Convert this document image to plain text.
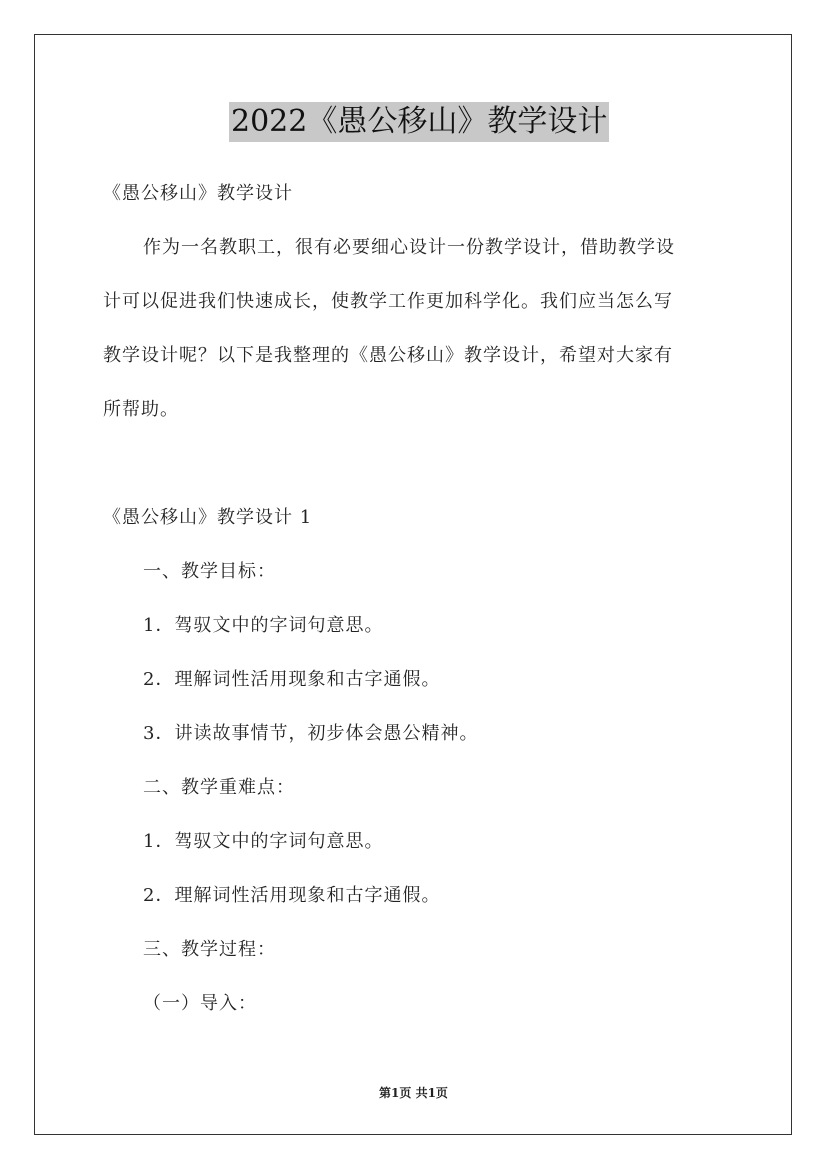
2022《愚公移山》教学设计
《愚公移山》教学设计
作为一名教职工，很有必要细心设计一份教学设计，借助教学设
计可以促进我们快速成长，使教学工作更加科学化。我们应当怎么写
教学设计呢？以下是我整理的《愚公移山》教学设计，希望对大家有
所帮助。
《愚公移山》教学设计 1
一、教学目标：
1．驾驭文中的字词句意思。
2．理解词性活用现象和古字通假。
3．讲读故事情节，初步体会愚公精神。
二、教学重难点：
1．驾驭文中的字词句意思。
2．理解词性活用现象和古字通假。
三、教学过程：
（一）导入：
第1页 共1页
